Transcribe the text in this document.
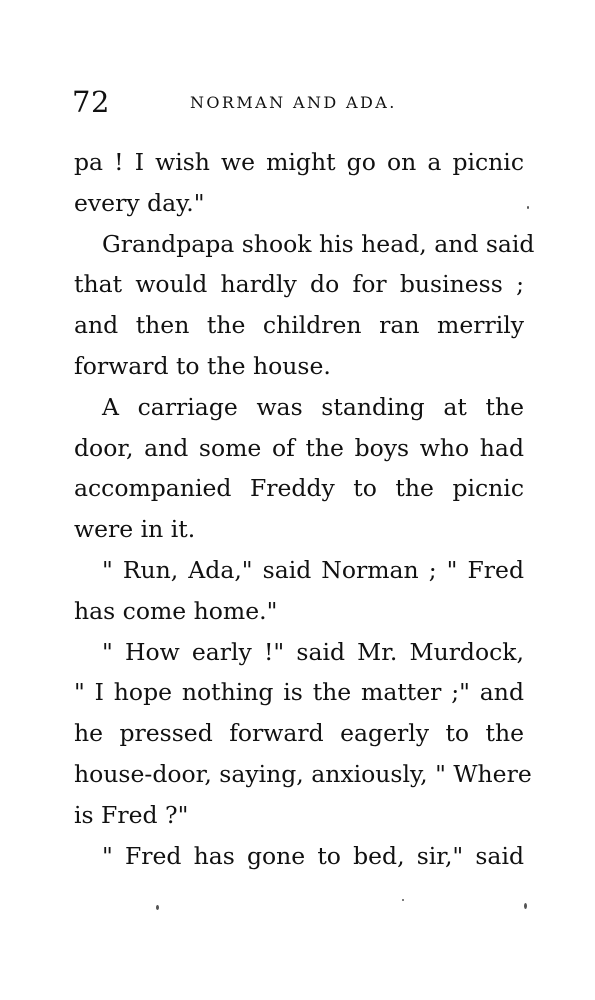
72	NORMAN AND ADA.
pa ! I wish we might go on a picnic
every day."
Grandpapa shook his head, and said
that would hardly do for business ;
and then the children ran merrily
forward to the house.
A carriage was standing at the
door, and some of the boys who had
accompanied Freddy to the picnic
were in it.
" Run, Ada," said Norman ; " Fred
has come home."
" How early !" said Mr. Murdock,
" I hope nothing is the matter ;" and
he pressed forward eagerly to the
house-door, saying, anxiously, " Where
is Fred ?"
" Fred has gone to bed, sir," said
